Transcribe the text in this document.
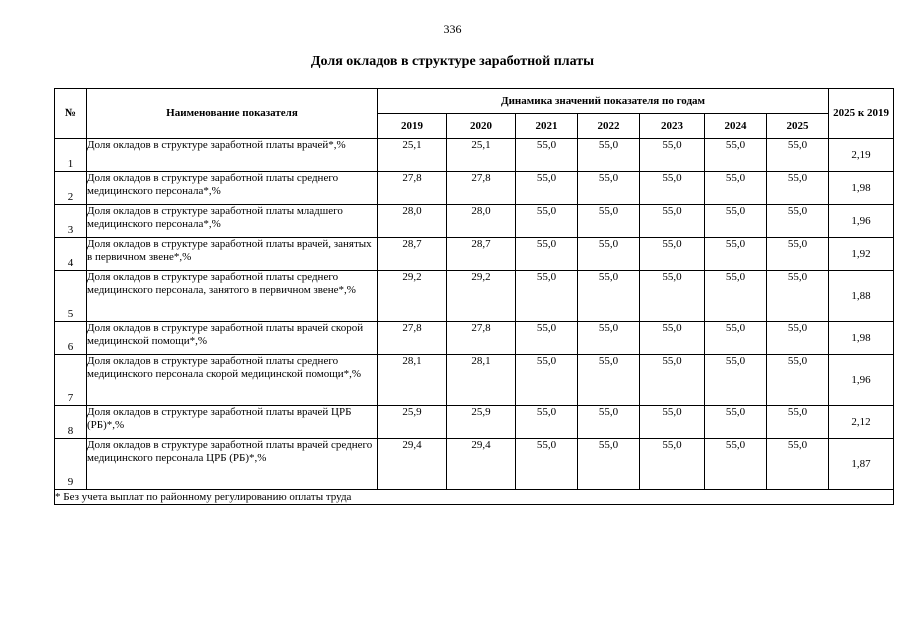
336
Доля окладов в структуре заработной платы
№	Наименование показателя	Динамика значений показателя по годам							2025 к 2019
		2019	2020	2021	2022	2023	2024	2025	
1	Доля окладов в структуре заработной платы врачей*,%	25,1	25,1	55,0	55,0	55,0	55,0	55,0	2,19
2	Доля окладов в структуре заработной платы среднего медицинского персонала*,%	27,8	27,8	55,0	55,0	55,0	55,0	55,0	1,98
3	Доля окладов в структуре заработной платы младшего медицинского персонала*,%	28,0	28,0	55,0	55,0	55,0	55,0	55,0	1,96
4	Доля окладов в структуре заработной платы врачей, занятых в первичном звене*,%	28,7	28,7	55,0	55,0	55,0	55,0	55,0	1,92
5	Доля окладов в структуре заработной платы среднего медицинского персонала, занятого в первичном звене*,%	29,2	29,2	55,0	55,0	55,0	55,0	55,0	1,88
6	Доля окладов в структуре заработной платы врачей скорой медицинской помощи*,%	27,8	27,8	55,0	55,0	55,0	55,0	55,0	1,98
7	Доля окладов в структуре заработной платы среднего медицинского персонала скорой медицинской помощи*,%	28,1	28,1	55,0	55,0	55,0	55,0	55,0	1,96
8	Доля окладов в структуре заработной платы врачей ЦРБ (РБ)*,%	25,9	25,9	55,0	55,0	55,0	55,0	55,0	2,12
9	Доля окладов в структуре заработной платы врачей среднего медицинского персонала ЦРБ (РБ)*,%	29,4	29,4	55,0	55,0	55,0	55,0	55,0	1,87
* Без учета выплат по районному регулированию оплаты труда									
